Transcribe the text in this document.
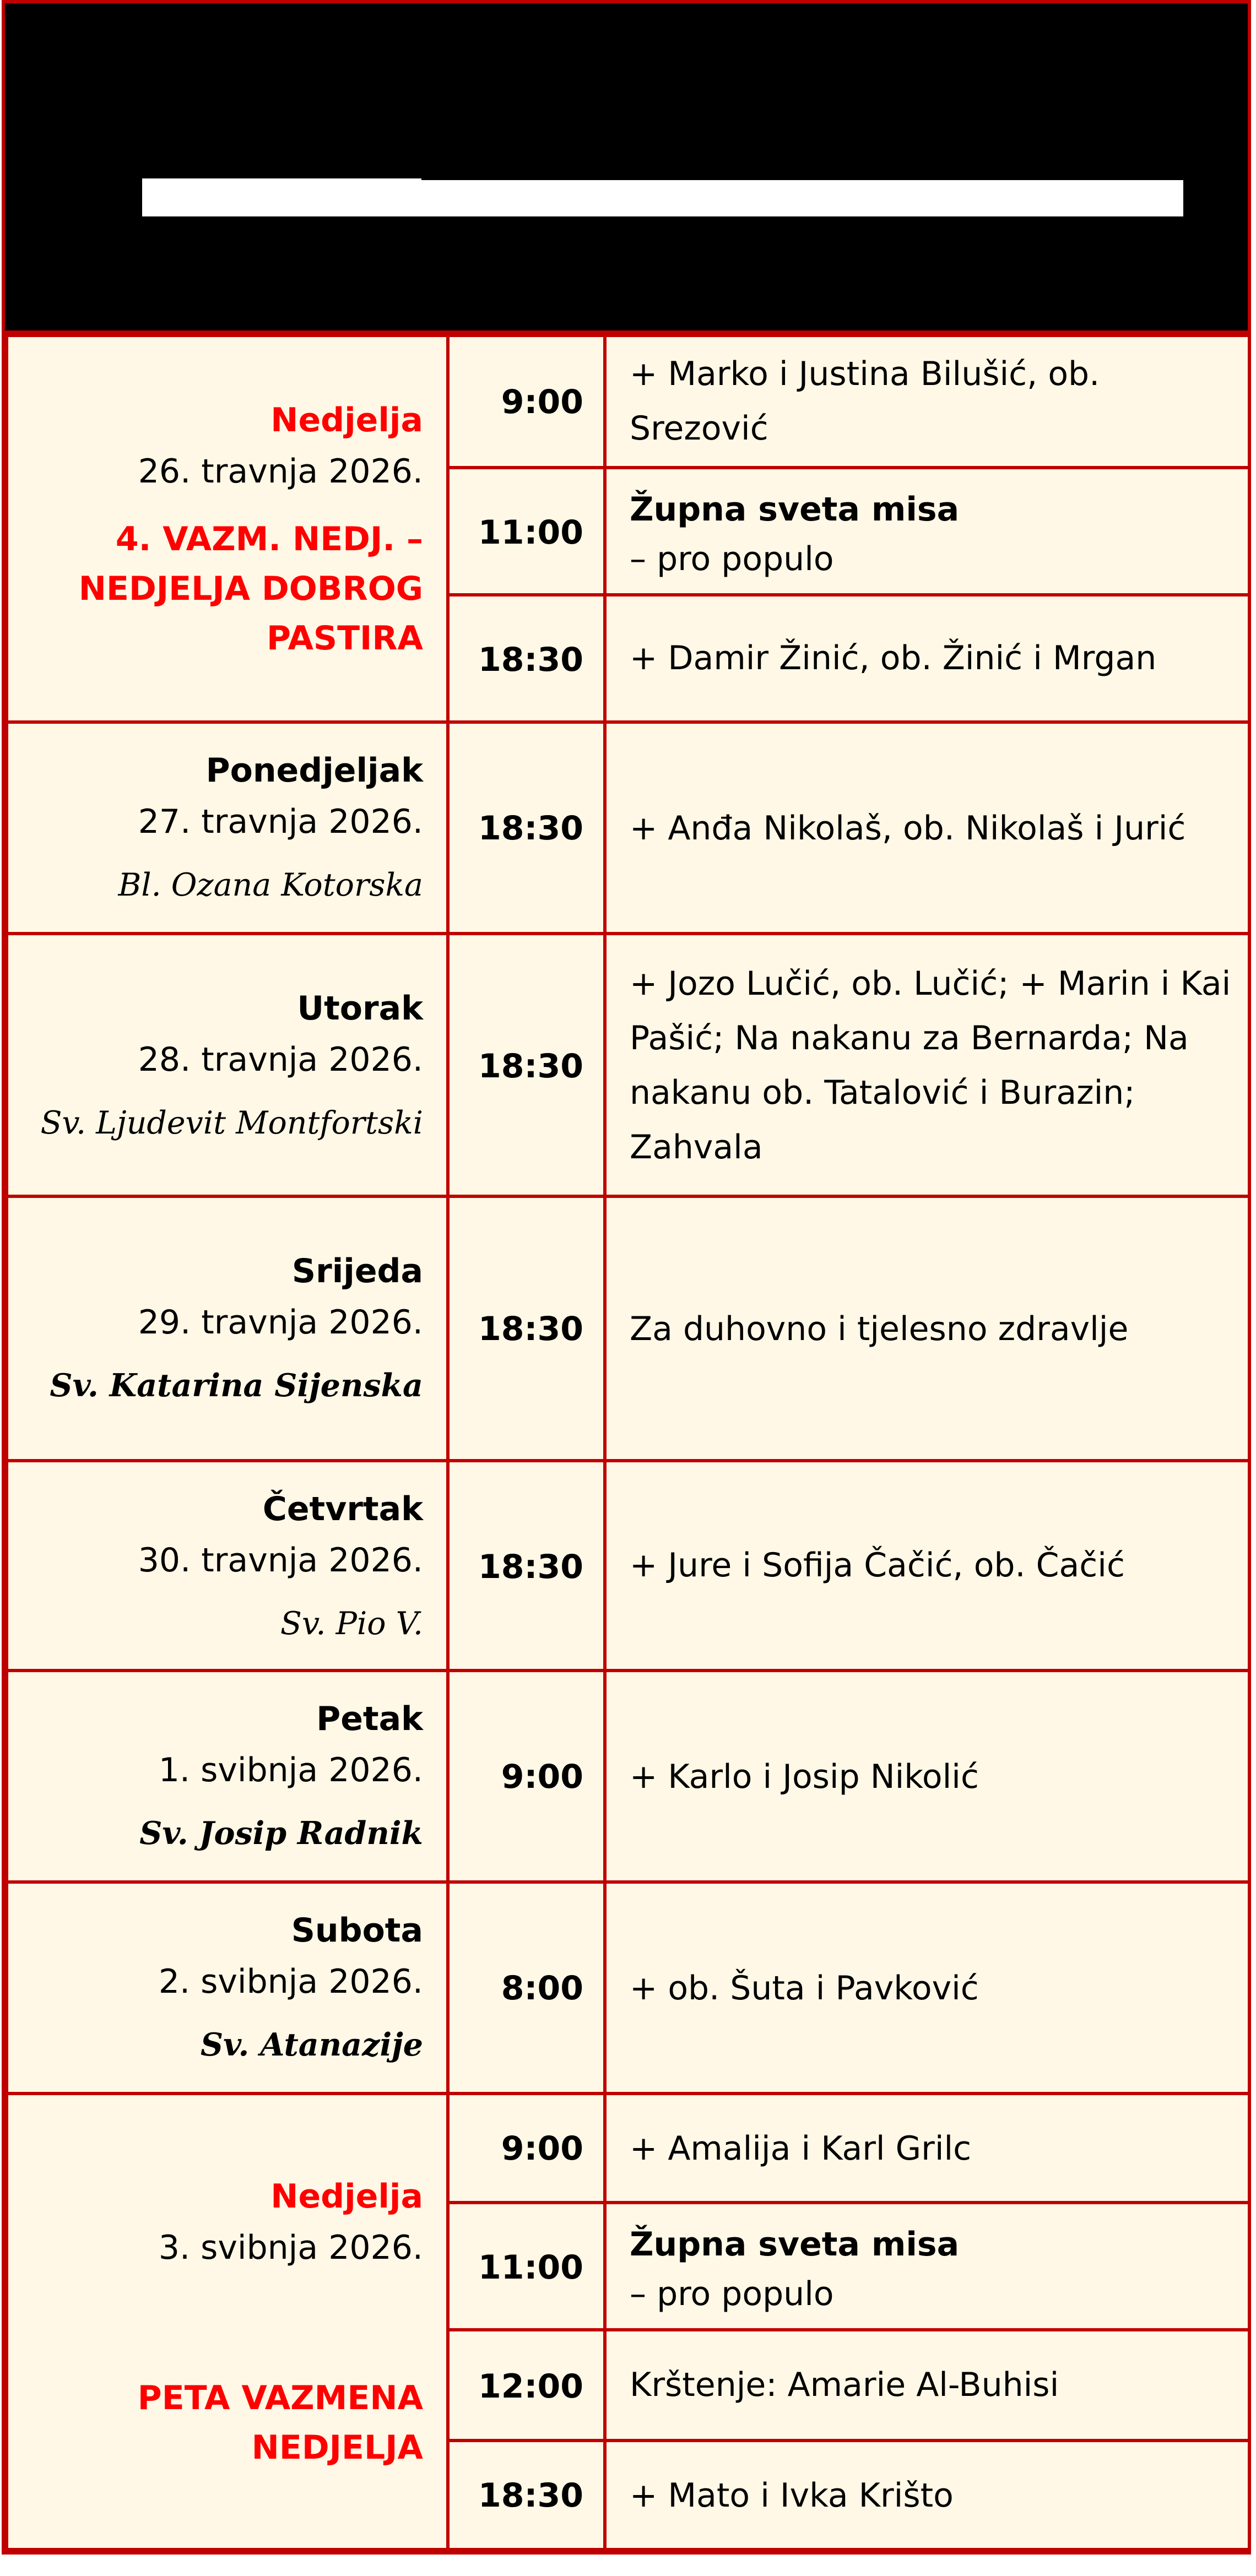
Nedjelja
26. travnja 2026.
4. VAZM. NEDJ. – NEDJELJA DOBROG PASTIRA	9:00	+ Marko i Justina Bilušić, ob. Srezović
	11:00	Župna sveta misa
– pro populo

	18:30	+ Damir Žinić, ob. Žinić i Mrgan

Ponedjeljak
27. travnja 2026.
Bl. Ozana Kotorska	18:30	+ Anđa Nikolaš, ob. Nikolaš i Jurić

Utorak
28. travnja 2026.
Sv. Ljudevit Montfortski	18:30	+ Jozo Lučić, ob. Lučić; + Marin i Kai Pašić; Na nakanu za Bernarda; Na nakanu ob. Tatalović i Burazin; Zahvala

Srijeda
29. travnja 2026.
Sv. Katarina Sijenska	18:30	Za duhovno i tjelesno zdravlje

Četvrtak
30. travnja 2026.
Sv. Pio V.	18:30	+ Jure i Sofija Čačić, ob. Čačić

Petak
1. svibnja 2026.
Sv. Josip Radnik	9:00	+ Karlo i Josip Nikolić

Subota
2. svibnja 2026.
Sv. Atanazije	8:00	+ ob. Šuta i Pavković

Nedjelja
3. svibnja 2026.
PETA VAZMENA NEDJELJA	9:00	+ Amalija i Karl Grilc
	11:00	Župna sveta misa
– pro populo

	12:00	Krštenje: Amarie Al-Buhisi
	18:30	+ Mato i Ivka Krišto
